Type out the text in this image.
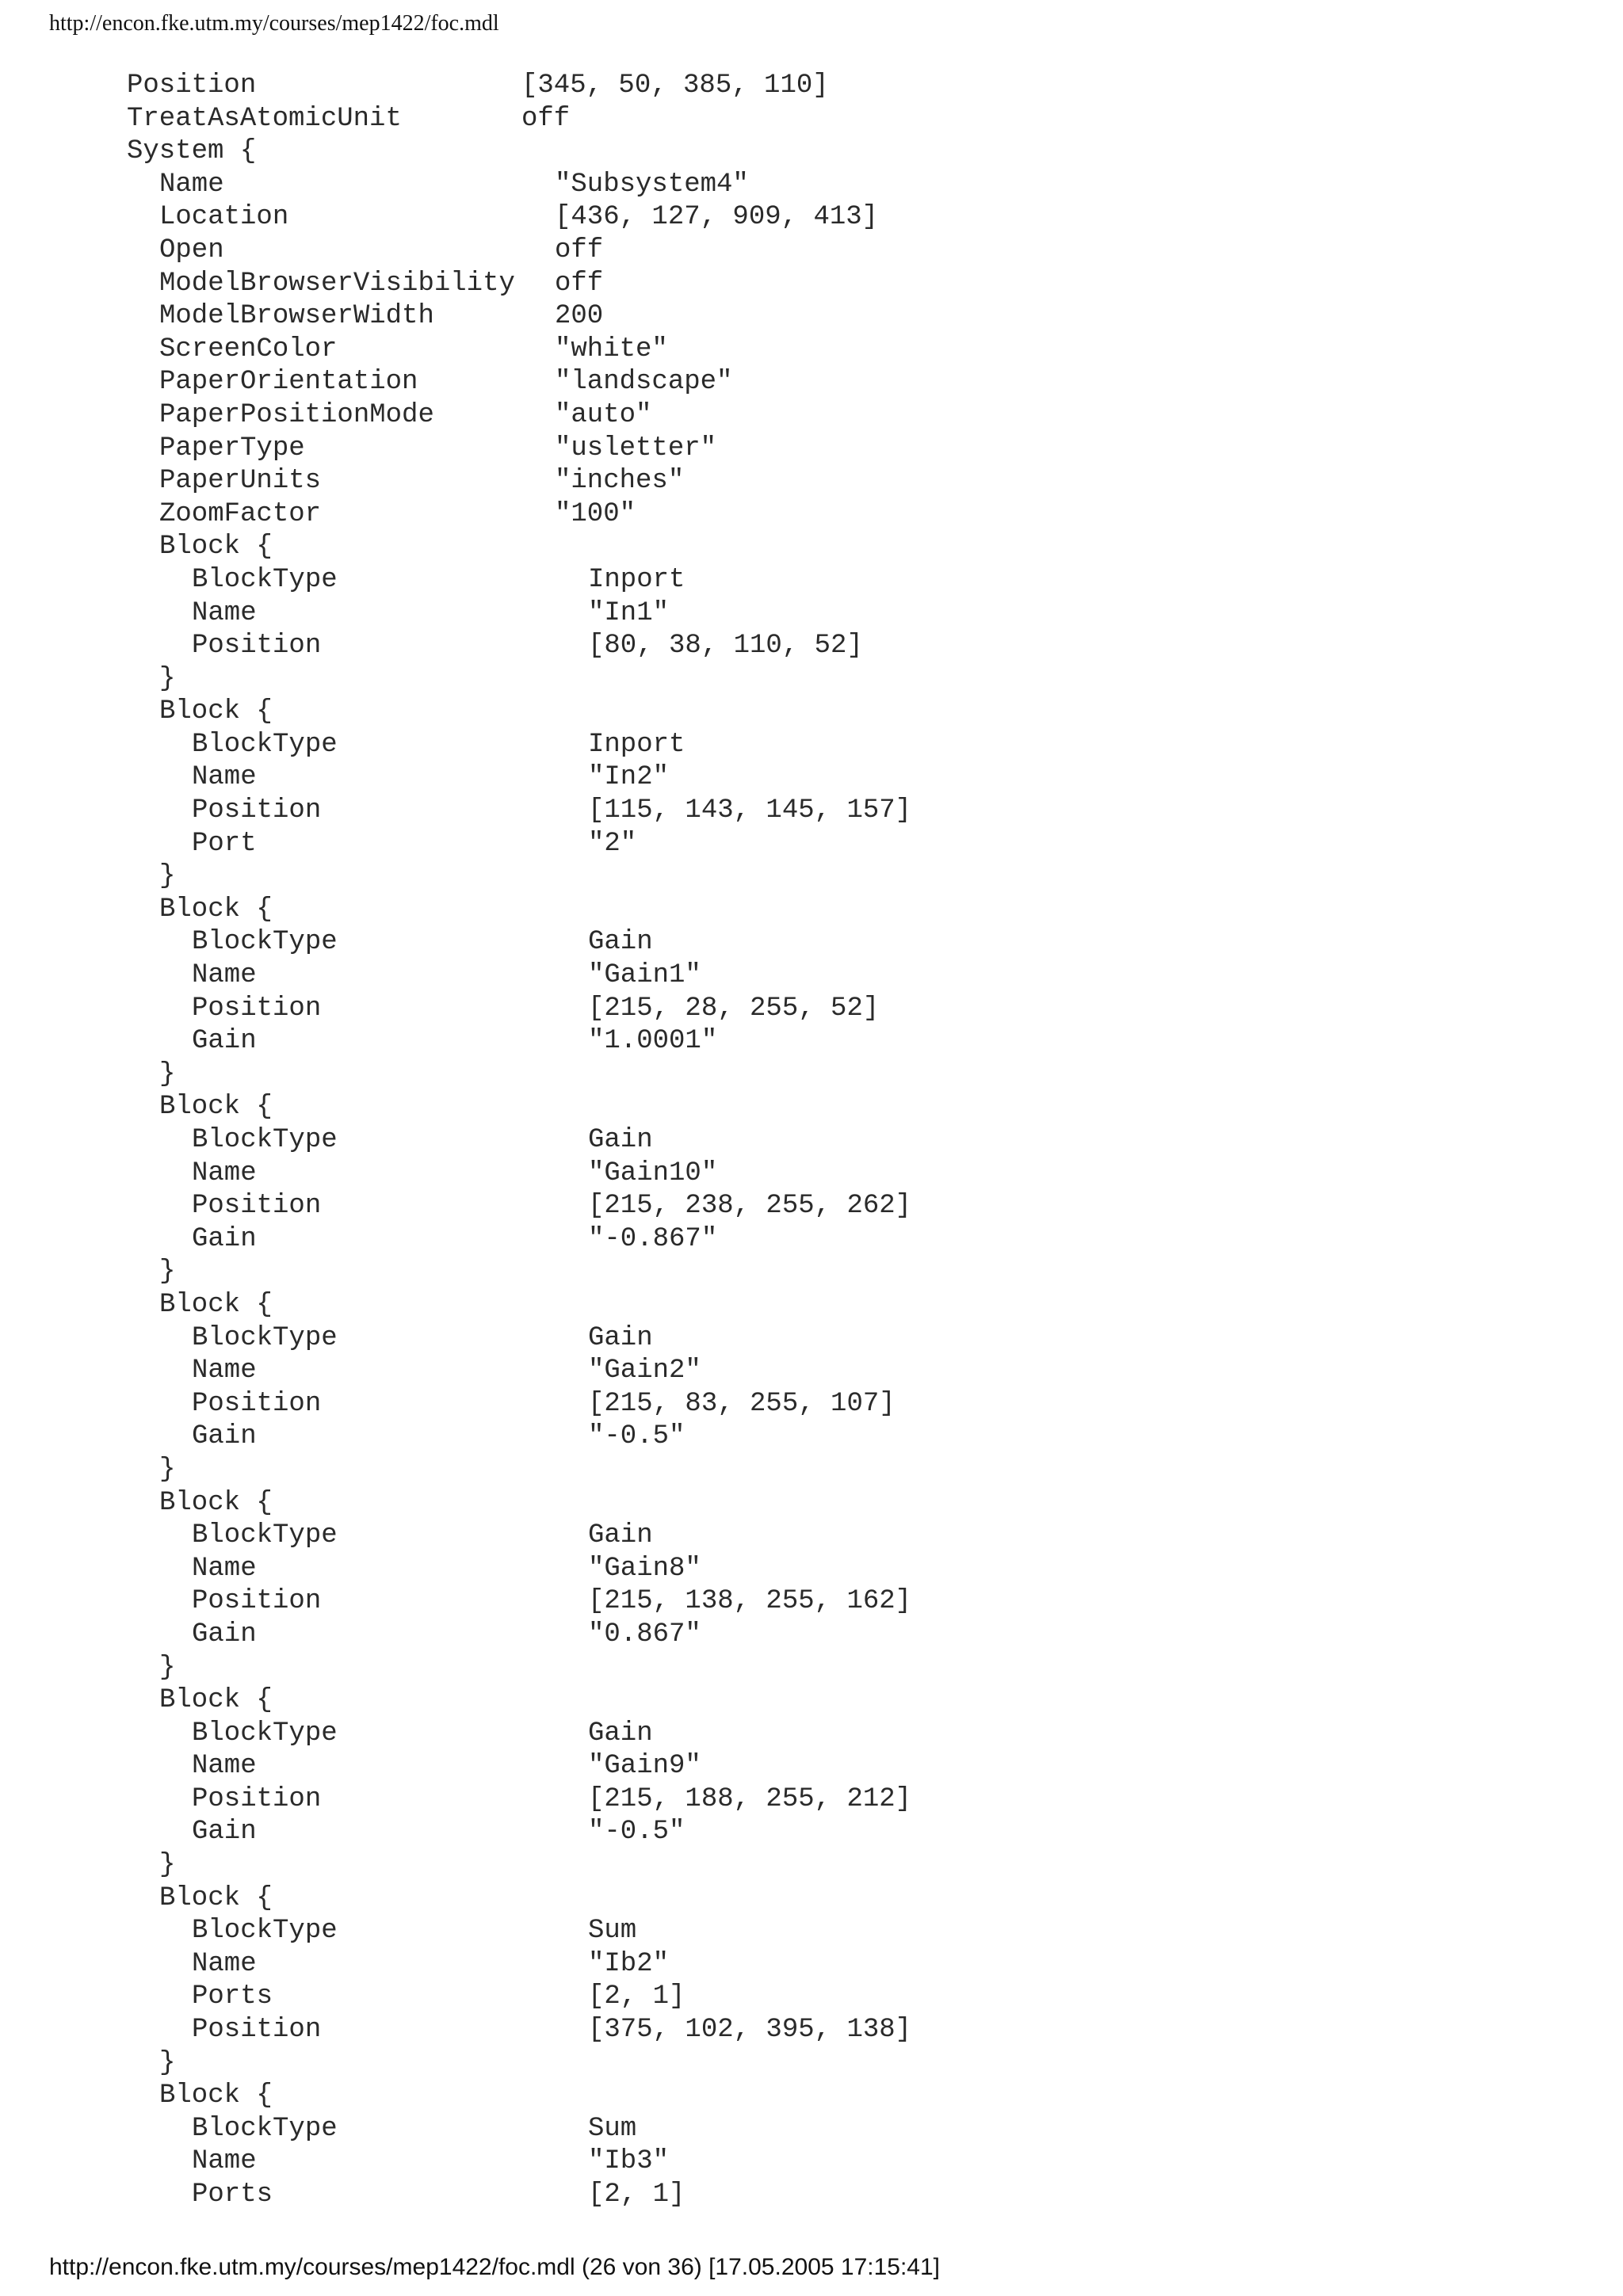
http://encon.fke.utm.my/courses/mep1422/foc.mdl
Position	[345, 50, 385, 110]
TreatAsAtomicUnit	off
System {
Name	"Subsystem4"
Location	[436, 127, 909, 413]
Open	off
ModelBrowserVisibility off
ModelBrowserWidth	200
ScreenColor	"white"
PaperOrientation	"landscape"
PaperPositionMode	"auto"
PaperType	"usletter"
PaperUnits	"inches"
ZoomFactor	"100"
Block {
BlockType	Inport
Name	"In1"
Position	[80, 38, 110, 52]
}
Block {
BlockType	Inport
Name	"In2"
Position	[115, 143, 145, 157]
Port	"2"
}
Block {
BlockType	Gain
Name	"Gain1"
Position	[215, 28, 255, 52]
Gain	"1.0001"
}
Block {
BlockType	Gain
Name	"Gain10"
Position	[215, 238, 255, 262]
Gain	"-0.867"
}
Block {
BlockType	Gain
Name	"Gain2"
Position	[215, 83, 255, 107]
Gain	"-0.5"
}
Block {
BlockType	Gain
Name	"Gain8"
Position	[215, 138, 255, 162]
Gain	"0.867"
}
Block {
BlockType	Gain
Name	"Gain9"
Position	[215, 188, 255, 212]
Gain	"-0.5"
}
Block {
BlockType	Sum
Name	"Ib2"
Ports	[2, 1]
Position	[375, 102, 395, 138]
}
Block {
BlockType	Sum
Name	"Ib3"
Ports	[2, 1]
http://encon.fke.utm.my/courses/mep1422/foc.mdl (26 von 36) [17.05.2005 17:15:41]
